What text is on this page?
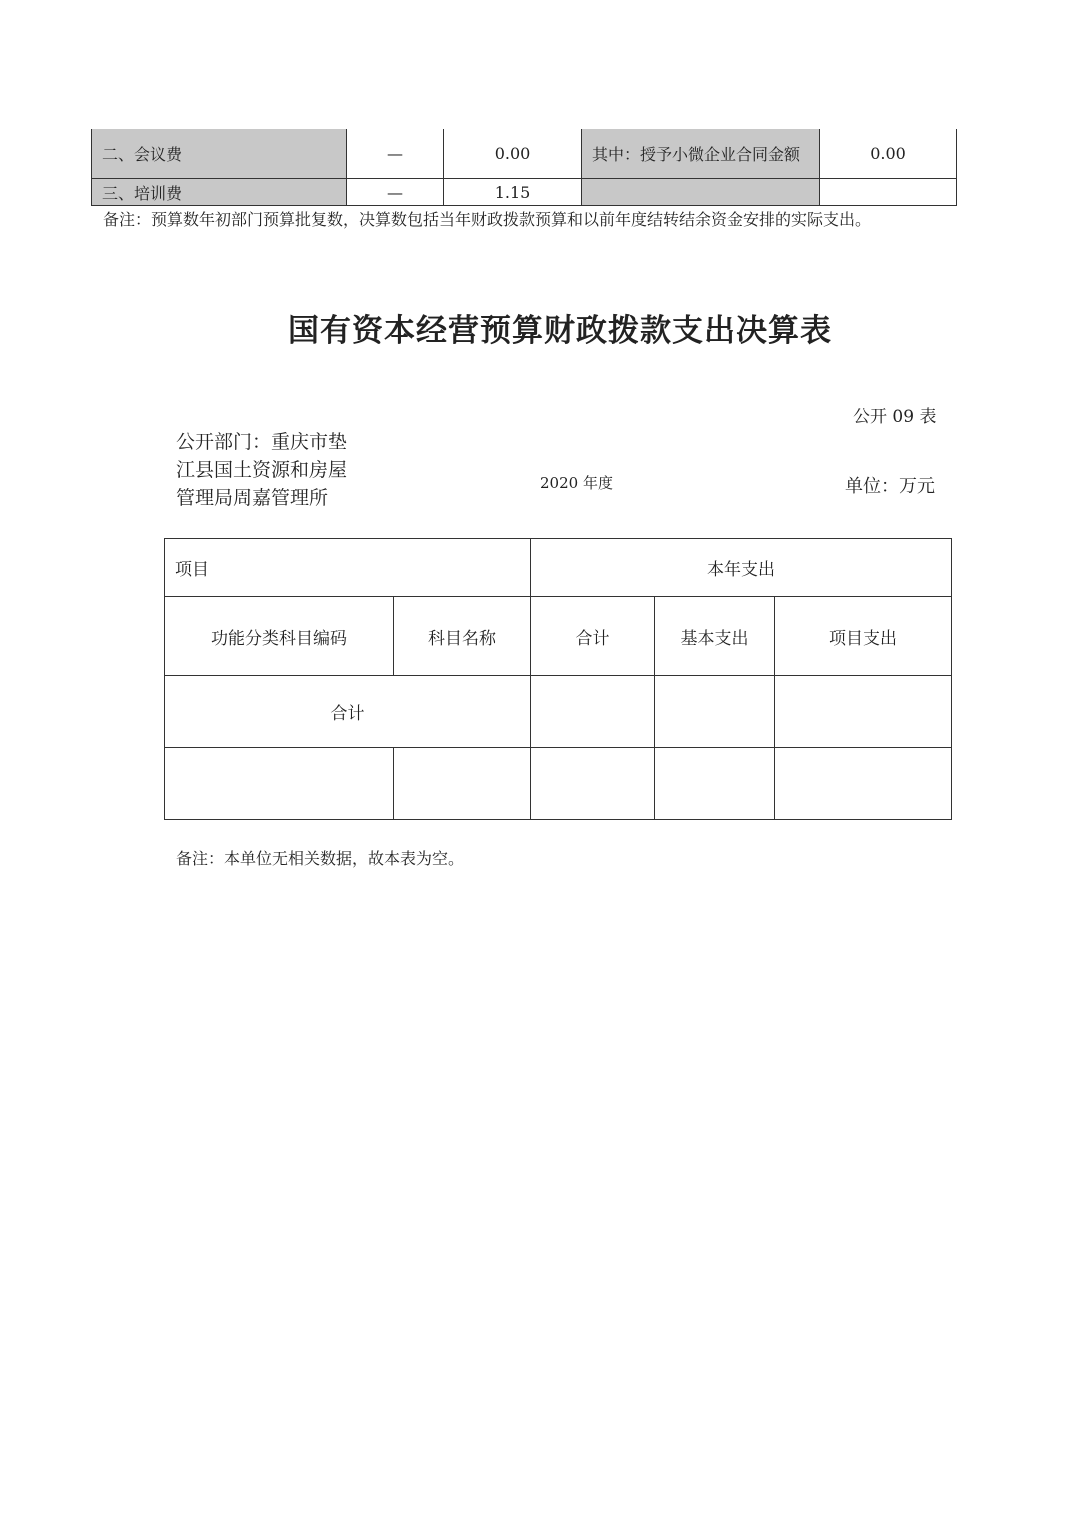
二、会议费	—	0.00	其中：授予小微企业合同金额	0.00
三、培训费	—	1.15		
备注：预算数年初部门预算批复数，决算数包括当年财政拨款预算和以前年度结转结余资金安排的实际支出。
国有资本经营预算财政拨款支出决算表
公开 09 表
公开部门：重庆市垫江县国土资源和房屋管理局周嘉管理所
2020 年度	单位：万元
项目		本年支出		
功能分类科目编码	科目名称	合计	基本支出	项目支出
合计				

备注：本单位无相关数据，故本表为空。
